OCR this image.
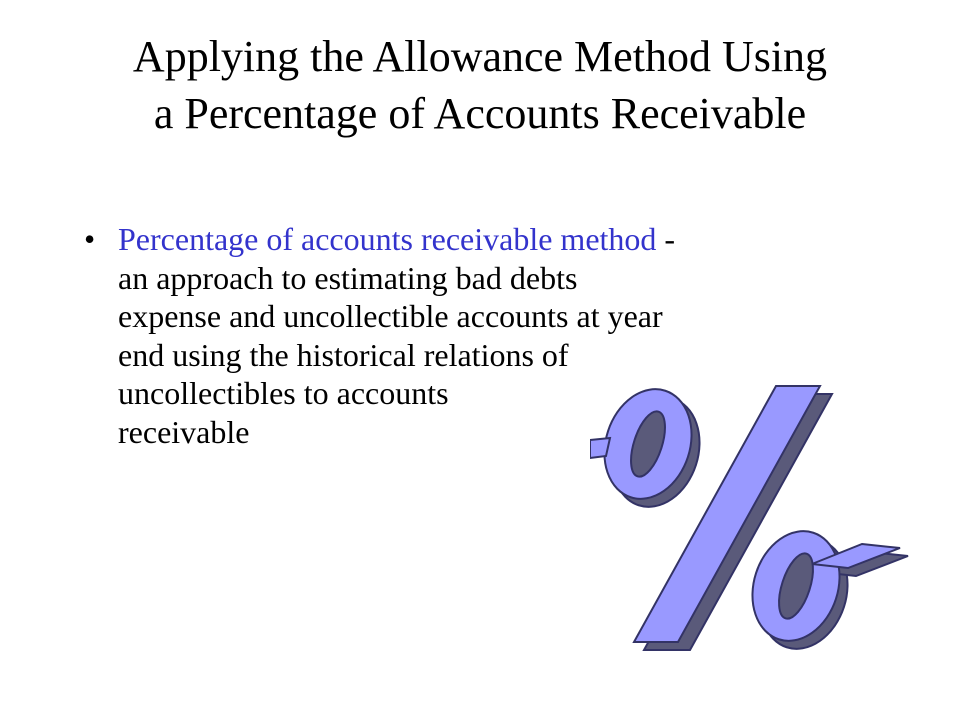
Applying the Allowance Method Using
a Percentage of Accounts Receivable
• Percentage of accounts receivable method -
an approach to estimating bad debts
expense and uncollectible accounts at year
end using the historical relations of
uncollectibles to accounts
receivable
